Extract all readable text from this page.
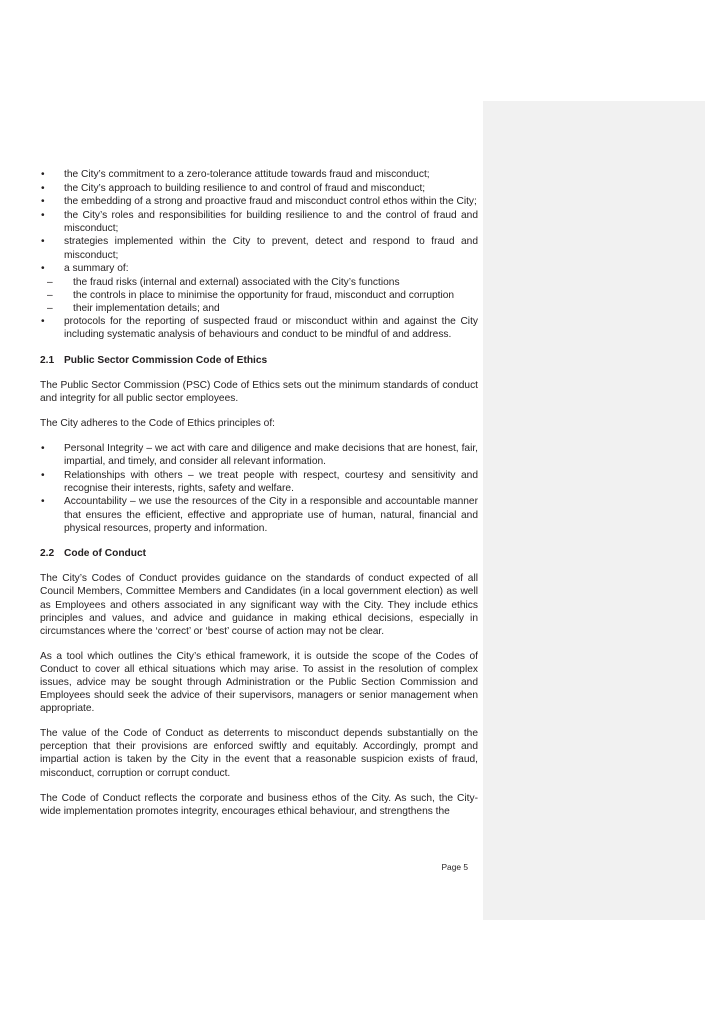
• the City’s commitment to a zero-tolerance attitude towards fraud and misconduct;
• the City’s approach to building resilience to and control of fraud and misconduct;
• the embedding of a strong and proactive fraud and misconduct control ethos within the City;
• the City’s roles and responsibilities for building resilience to and the control of fraud and misconduct;
• strategies implemented within the City to prevent, detect and respond to fraud and misconduct;
• a summary of:
– the fraud risks (internal and external) associated with the City’s functions
– the controls in place to minimise the opportunity for fraud, misconduct and corruption
– their implementation details; and
• protocols for the reporting of suspected fraud or misconduct within and against the City including systematic analysis of behaviours and conduct to be mindful of and address.
2.1 Public Sector Commission Code of Ethics

The Public Sector Commission (PSC) Code of Ethics sets out the minimum standards of conduct and integrity for all public sector employees.

The City adheres to the Code of Ethics principles of:

• Personal Integrity – we act with care and diligence and make decisions that are honest, fair, impartial, and timely, and consider all relevant information.
• Relationships with others – we treat people with respect, courtesy and sensitivity and recognise their interests, rights, safety and welfare.
• Accountability – we use the resources of the City in a responsible and accountable manner that ensures the efficient, effective and appropriate use of human, natural, financial and physical resources, property and information.
2.2 Code of Conduct

The City’s Codes of Conduct provides guidance on the standards of conduct expected of all Council Members, Committee Members and Candidates (in a local government election) as well as Employees and others associated in any significant way with the City. They include ethics principles and values, and advice and guidance in making ethical decisions, especially in circumstances where the ‘correct’ or ‘best’ course of action may not be clear.

As a tool which outlines the City’s ethical framework, it is outside the scope of the Codes of Conduct to cover all ethical situations which may arise. To assist in the resolution of complex issues, advice may be sought through Administration or the Public Section Commission and Employees should seek the advice of their supervisors, managers or senior management when appropriate.

The value of the Code of Conduct as deterrents to misconduct depends substantially on the perception that their provisions are enforced swiftly and equitably. Accordingly, prompt and impartial action is taken by the City in the event that a reasonable suspicion exists of fraud, misconduct, corruption or corrupt conduct.

The Code of Conduct reflects the corporate and business ethos of the City. As such, the City-wide implementation promotes integrity, encourages ethical behaviour, and strengthens the

Page 5
